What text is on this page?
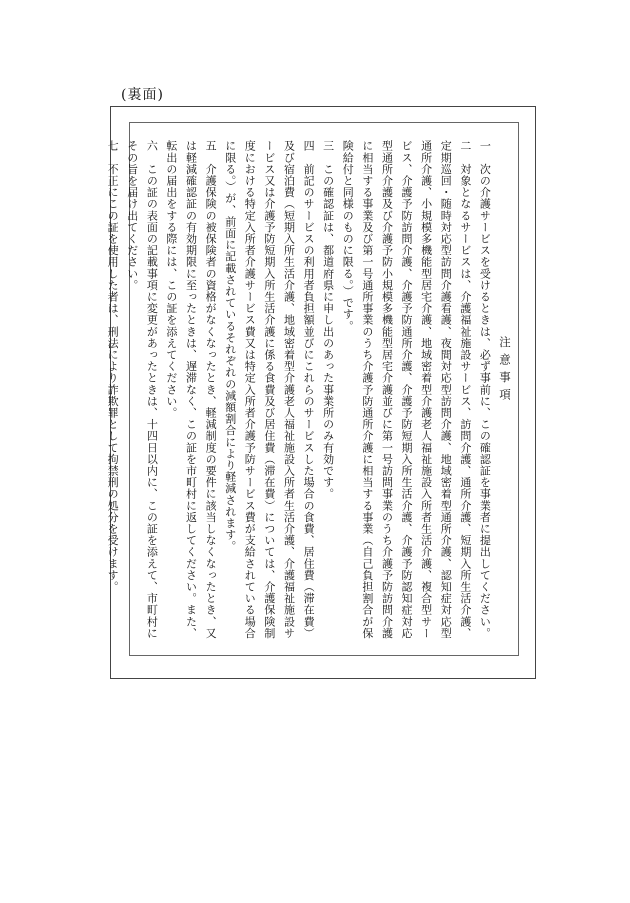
(裏面)
注意事項
一　次の介護サービスを受けるときは、必ず事前に、この確認証を事業者に提出してください。
二　対象となるサービスは、介護福祉施設サービス、訪問介護、通所介護、短期入所生活介護、定期巡回・随時対応型訪問介護看護、夜間対応型訪問介護、地域密着型通所介護、認知症対応型通所介護、小規模多機能型居宅介護、地域密着型介護老人福祉施設入所者生活介護、複合型サービス、介護予防訪問介護、介護予防通所介護、介護予防短期入所生活介護、介護予防認知症対応型通所介護及び介護予防小規模多機能型居宅介護並びに第一号訪問事業のうち介護予防訪問介護に相当する事業及び第一号通所事業のうち介護予防通所介護に相当する事業（自己負担割合が保険給付と同様のものに限る。）です。
三　この確認証は、都道府県に申し出のあった事業所のみ有効です。
四　前記のサービスの利用者負担額並びにこれらのサービスした場合の食費、居住費（滞在費）及び宿泊費（短期入所生活介護、地域密着型介護老人福祉施設入所者生活介護、介護福祉施設サービス又は介護予防短期入所生活介護に係る食費及び居住費（滞在費）については、介護保険制度における特定入所者介護サービス費又は特定入所者介護予防サービス費が支給されている場合に限る。）が、前面に記載されているそれぞれの減額割合により軽減されます。
五　介護保険の被保険者の資格がなくなったとき、軽減制度の要件に該当しなくなったとき、又は軽減確認証の有効期限に至ったときは、遅滞なく、この証を市町村に返してください。また、転出の届出をする際には、この証を添えてください。
六　この証の表面の記載事項に変更があったときは、十四日以内に、この証を添えて、市町村にその旨を届け出てください。
七　不正にこの証を使用した者は、刑法により詐欺罪として拘禁刑の処分を受けます。
